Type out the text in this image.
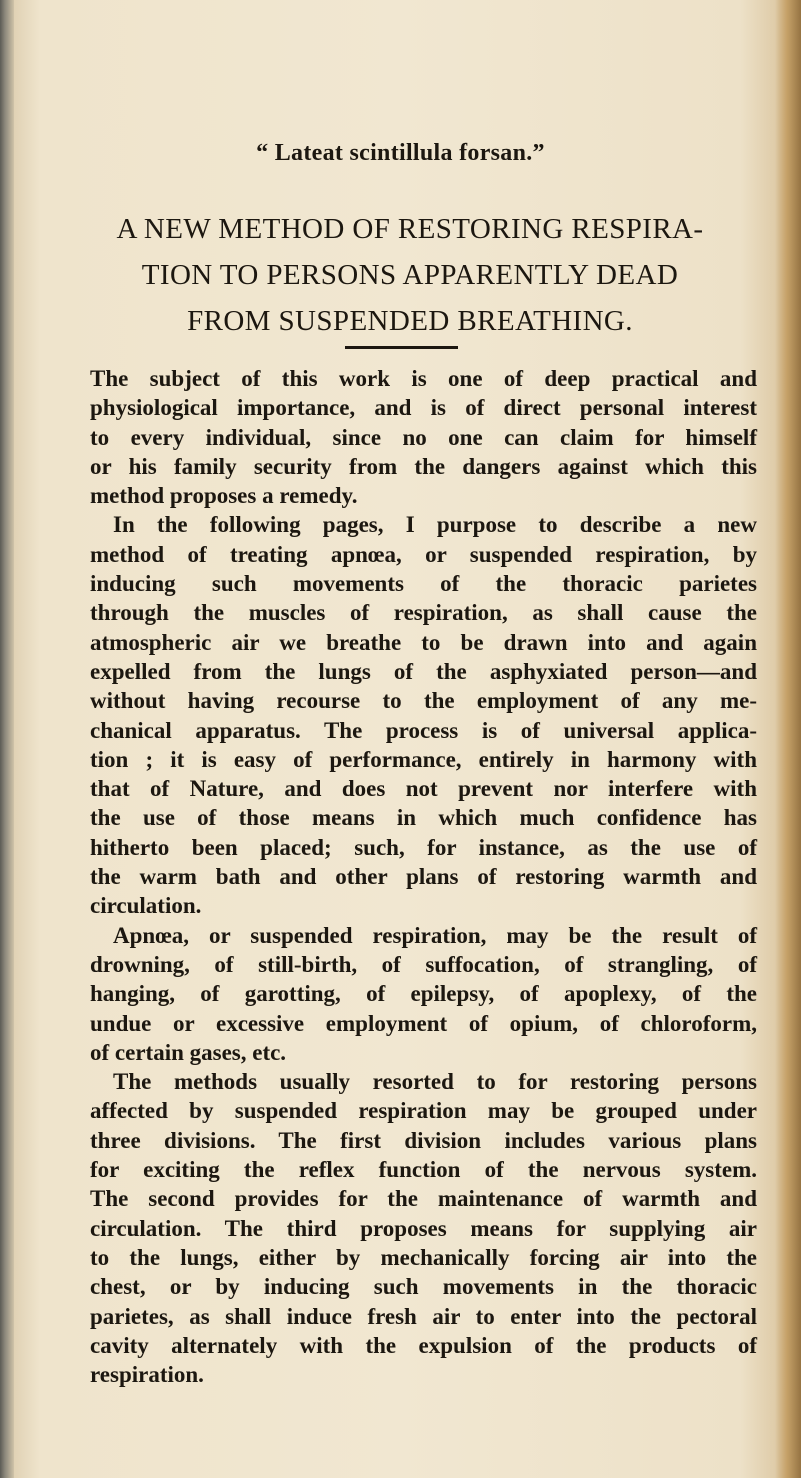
“ Lateat scintillula forsan.”
A NEW METHOD OF RESTORING RESPIRA-
TION TO PERSONS APPARENTLY DEAD
FROM SUSPENDED BREATHING.
The subject of this work is one of deep practical and
physiological importance, and is of direct personal interest
to every individual, since no one can claim for himself
or his family security from the dangers against which this
method proposes a remedy.
In the following pages, I purpose to describe a new
method of treating apnœa, or suspended respiration, by
inducing such movements of the thoracic parietes
through the muscles of respiration, as shall cause the
atmospheric air we breathe to be drawn into and again
expelled from the lungs of the asphyxiated person—and
without having recourse to the employment of any me-
chanical apparatus. The process is of universal applica-
tion ; it is easy of performance, entirely in harmony with
that of Nature, and does not prevent nor interfere with
the use of those means in which much confidence has
hitherto been placed; such, for instance, as the use of
the warm bath and other plans of restoring warmth and
circulation.
Apnœa, or suspended respiration, may be the result of
drowning, of still-birth, of suffocation, of strangling, of
hanging, of garotting, of epilepsy, of apoplexy, of the
undue or excessive employment of opium, of chloroform,
of certain gases, etc.
The methods usually resorted to for restoring persons
affected by suspended respiration may be grouped under
three divisions. The first division includes various plans
for exciting the reflex function of the nervous system.
The second provides for the maintenance of warmth and
circulation. The third proposes means for supplying air
to the lungs, either by mechanically forcing air into the
chest, or by inducing such movements in the thoracic
parietes, as shall induce fresh air to enter into the pectoral
cavity alternately with the expulsion of the products of
respiration.
